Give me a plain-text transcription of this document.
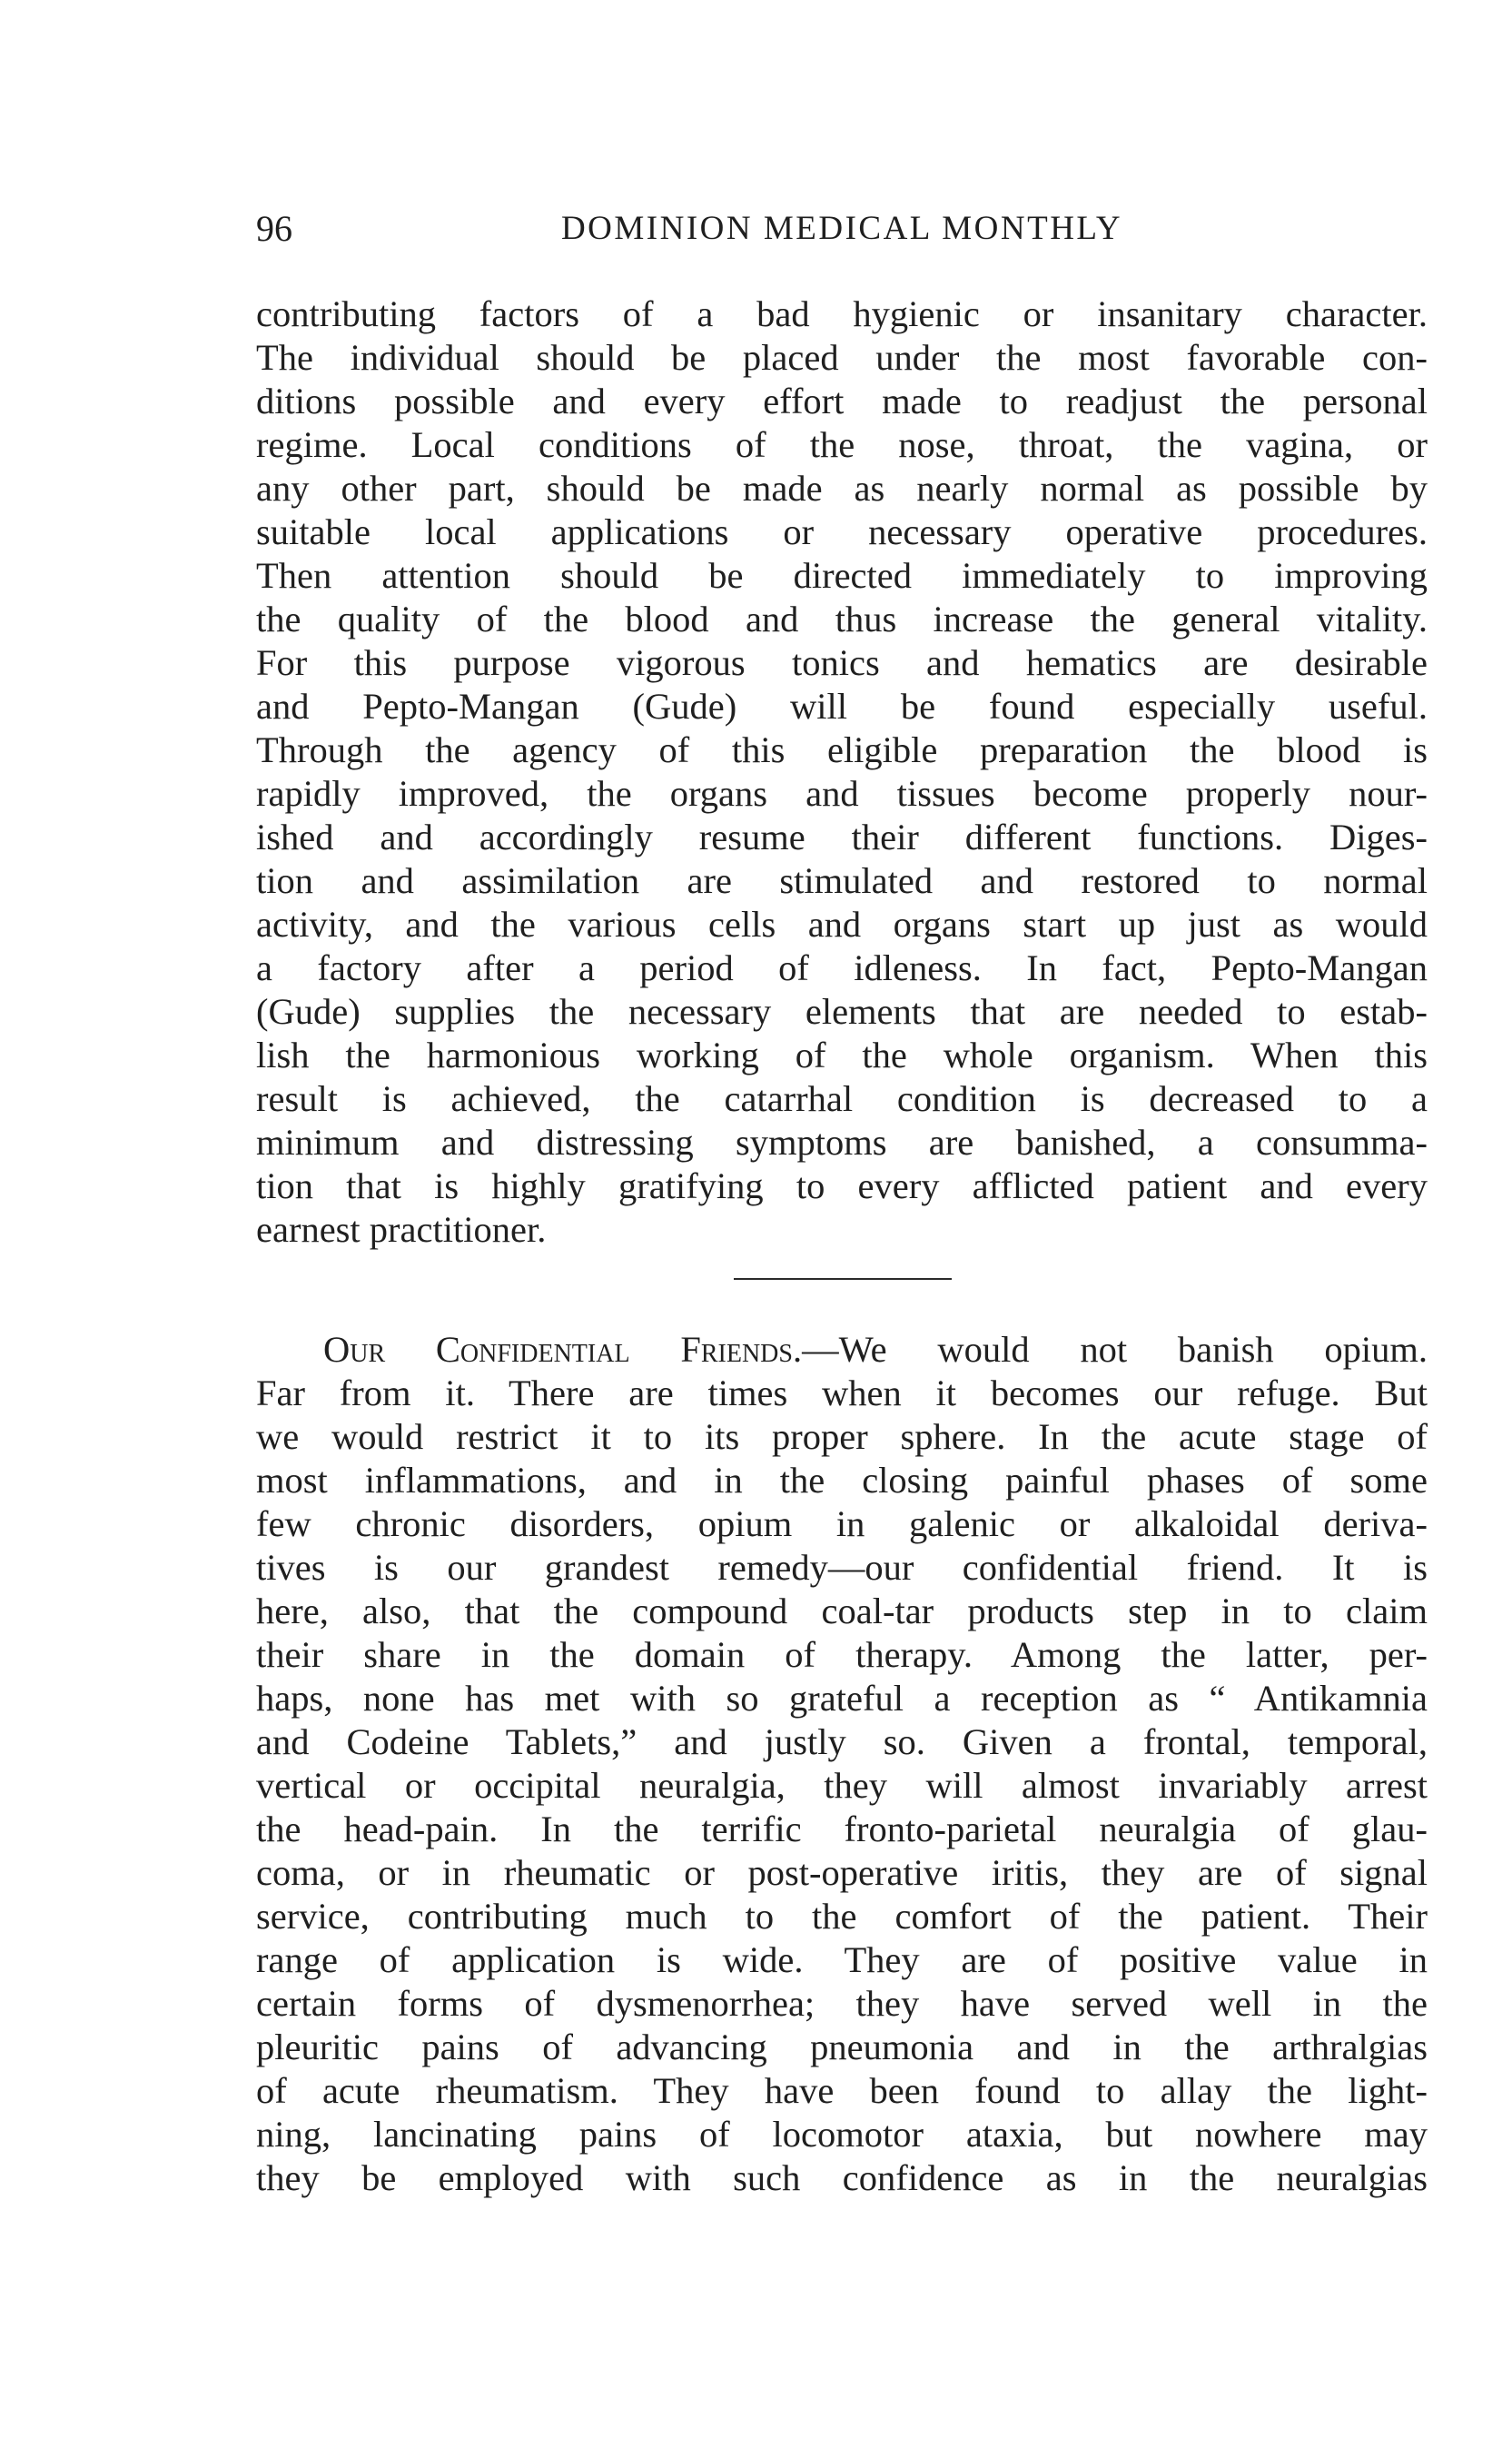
96	DOMINION MEDICAL MONTHLY
contributing factors of a bad hygienic or insanitary character.
The individual should be placed under the most favorable con-
ditions possible and every effort made to readjust the personal
regime. Local conditions of the nose, throat, the vagina, or
any other part, should be made as nearly normal as possible by
suitable local applications or necessary operative procedures.
Then attention should be directed immediately to improving
the quality of the blood and thus increase the general vitality.
For this purpose vigorous tonics and hematics are desirable
and Pepto-Mangan (Gude) will be found especially useful.
Through the agency of this eligible preparation the blood is
rapidly improved, the organs and tissues become properly nour-
ished and accordingly resume their different functions. Diges-
tion and assimilation are stimulated and restored to normal
activity, and the various cells and organs start up just as would
a factory after a period of idleness. In fact, Pepto-Mangan
(Gude) supplies the necessary elements that are needed to estab-
lish the harmonious working of the whole organism. When this
result is achieved, the catarrhal condition is decreased to a
minimum and distressing symptoms are banished, a consumma-
tion that is highly gratifying to every afflicted patient and every
earnest practitioner.
Our Confidential Friends.—We would not banish opium.
Far from it. There are times when it becomes our refuge. But
we would restrict it to its proper sphere. In the acute stage of
most inflammations, and in the closing painful phases of some
few chronic disorders, opium in galenic or alkaloidal deriva-
tives is our grandest remedy—our confidential friend. It is
here, also, that the compound coal-tar products step in to claim
their share in the domain of therapy. Among the latter, per-
haps, none has met with so grateful a reception as “ Antikamnia
and Codeine Tablets,” and justly so. Given a frontal, temporal,
vertical or occipital neuralgia, they will almost invariably arrest
the head-pain. In the terrific fronto-parietal neuralgia of glau-
coma, or in rheumatic or post-operative iritis, they are of signal
service, contributing much to the comfort of the patient. Their
range of application is wide. They are of positive value in
certain forms of dysmenorrhea; they have served well in the
pleuritic pains of advancing pneumonia and in the arthralgias
of acute rheumatism. They have been found to allay the light-
ning, lancinating pains of locomotor ataxia, but nowhere may
they be employed with such confidence as in the neuralgias
